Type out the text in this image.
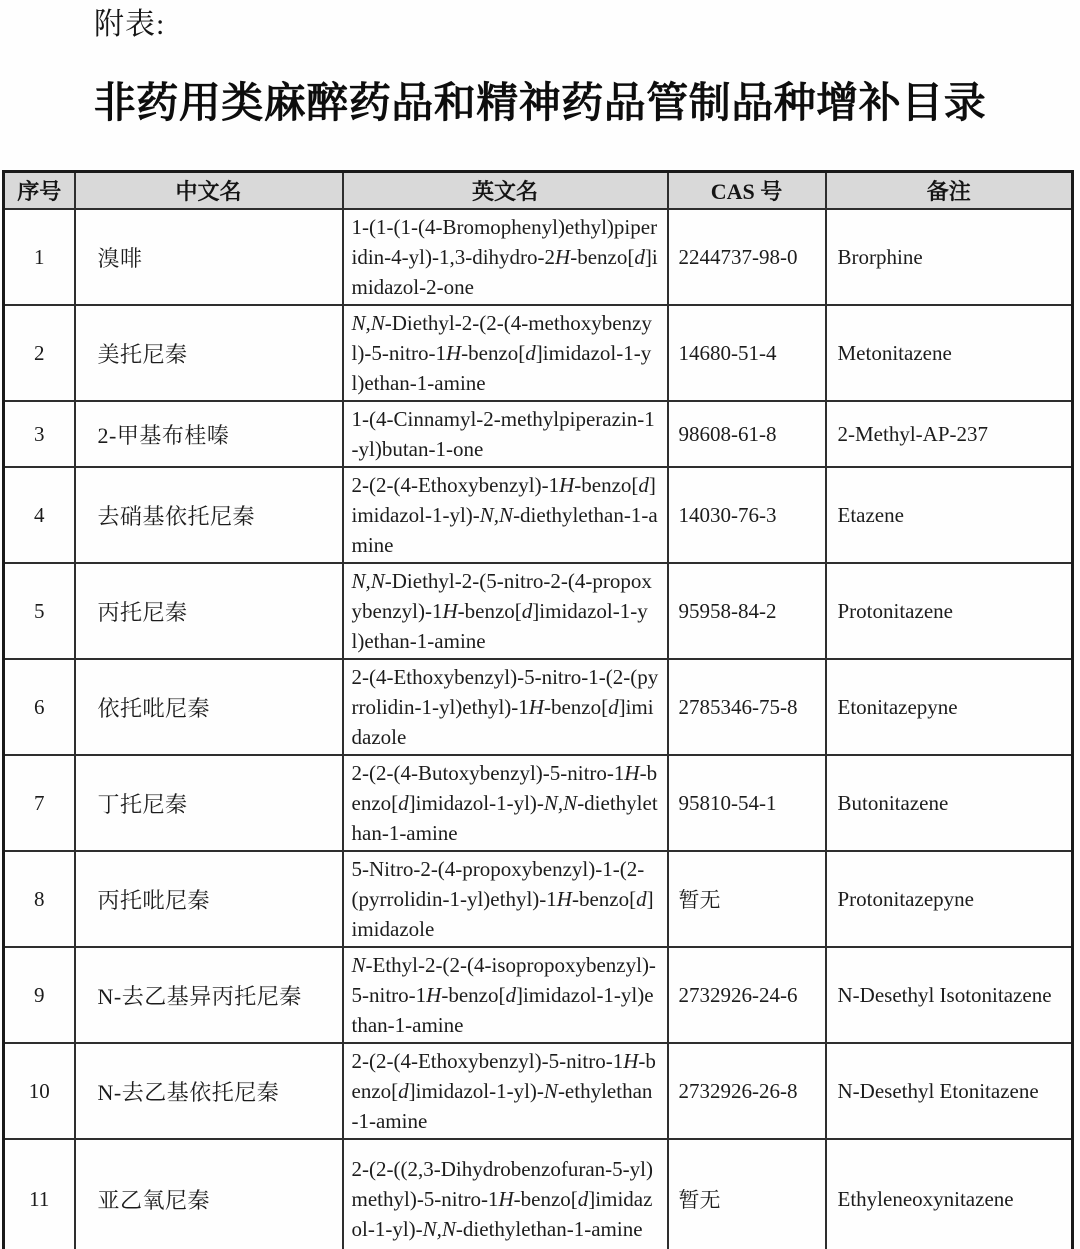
附表:
非药用类麻醉药品和精神药品管制品种增补目录
序号	中文名	英文名	CAS 号	备注
1	溴啡	1-(1-(1-(4-Bromophenyl)ethyl)piperidin-4-yl)-1,3-dihydro-2H-benzo[d]imidazol-2-one	2244737-98-0	Brorphine
2	美托尼秦	N,N-Diethyl-2-(2-(4-methoxybenzyl)-5-nitro-1H-benzo[d]imidazol-1-yl)ethan-1-amine	14680-51-4	Metonitazene
3	2-甲基布桂嗪	1-(4-Cinnamyl-2-methylpiperazin-1-yl)butan-1-one	98608-61-8	2-Methyl-AP-237
4	去硝基依托尼秦	2-(2-(4-Ethoxybenzyl)-1H-benzo[d]imidazol-1-yl)-N,N-diethylethan-1-amine	14030-76-3	Etazene
5	丙托尼秦	N,N-Diethyl-2-(5-nitro-2-(4-propoxybenzyl)-1H-benzo[d]imidazol-1-yl)ethan-1-amine	95958-84-2	Protonitazene
6	依托吡尼秦	2-(4-Ethoxybenzyl)-5-nitro-1-(2-(pyrrolidin-1-yl)ethyl)-1H-benzo[d]imidazole	2785346-75-8	Etonitazepyne
7	丁托尼秦	2-(2-(4-Butoxybenzyl)-5-nitro-1H-benzo[d]imidazol-1-yl)-N,N-diethylethan-1-amine	95810-54-1	Butonitazene
8	丙托吡尼秦	5-Nitro-2-(4-propoxybenzyl)-1-(2-(pyrrolidin-1-yl)ethyl)-1H-benzo[d]imidazole	暂无	Protonitazepyne
9	N-去乙基异丙托尼秦	N-Ethyl-2-(2-(4-isopropoxybenzyl)-5-nitro-1H-benzo[d]imidazol-1-yl)ethan-1-amine	2732926-24-6	N-Desethyl Isotonitazene
10	N-去乙基依托尼秦	2-(2-(4-Ethoxybenzyl)-5-nitro-1H-benzo[d]imidazol-1-yl)-N-ethylethan-1-amine	2732926-26-8	N-Desethyl Etonitazene
11	亚乙氧尼秦	2-(2-((2,3-Dihydrobenzofuran-5-yl)methyl)-5-nitro-1H-benzo[d]imidazol-1-yl)-N,N-diethylethan-1-amine	暂无	Ethyleneoxynitazene
